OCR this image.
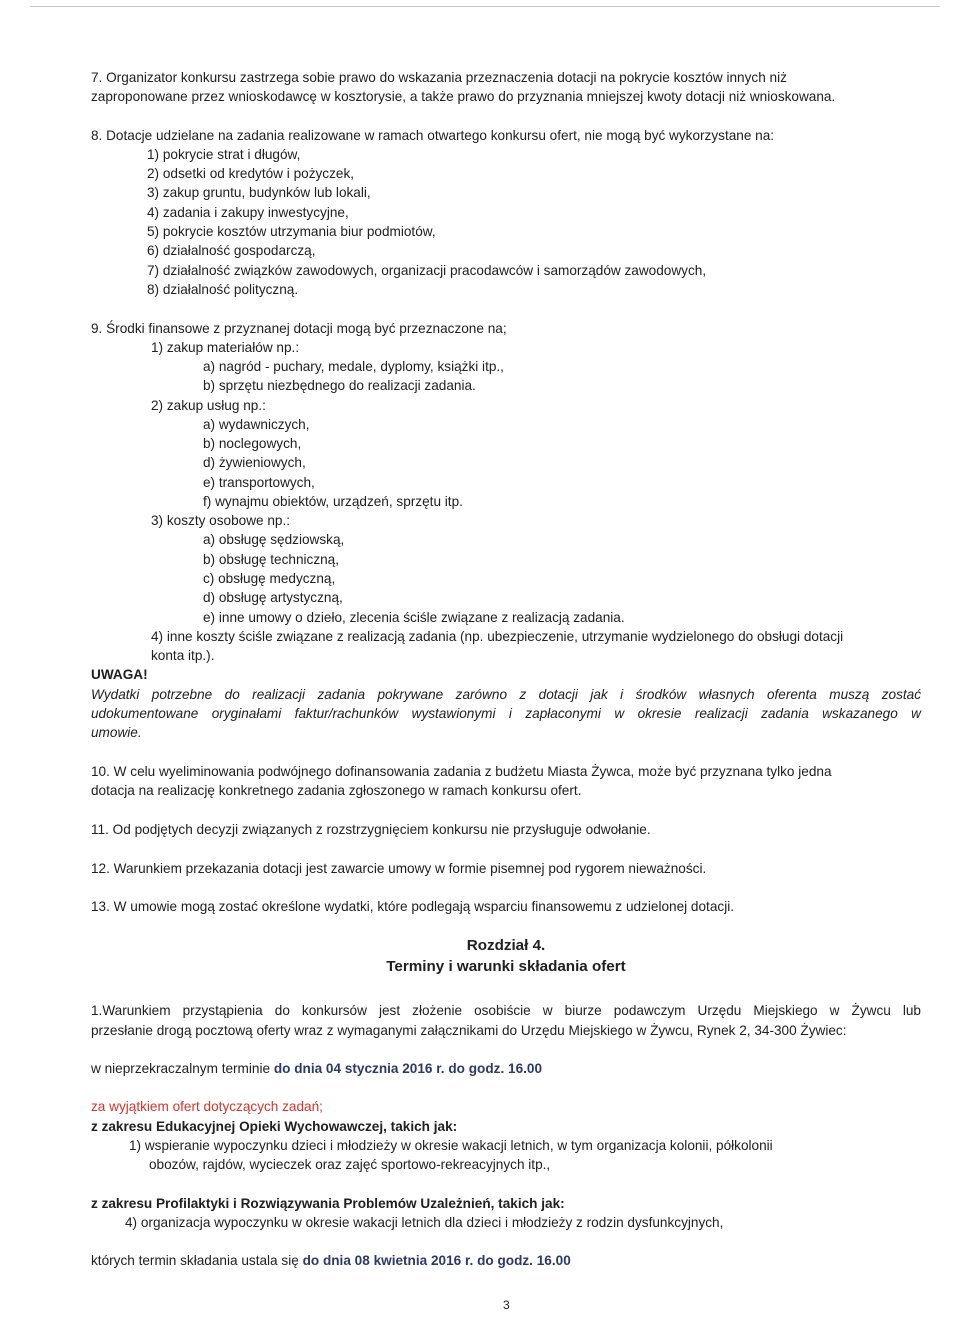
7. Organizator konkursu zastrzega sobie prawo do wskazania przeznaczenia dotacji na pokrycie kosztów innych niż
zaproponowane przez wnioskodawcę w kosztorysie, a także prawo do przyznania mniejszej kwoty dotacji niż wnioskowana.
8. Dotacje udzielane na zadania realizowane w ramach otwartego konkursu ofert, nie mogą być wykorzystane na:
1) pokrycie strat i długów,
2) odsetki od kredytów i pożyczek,
3) zakup gruntu, budynków lub lokali,
4) zadania i zakupy inwestycyjne,
5) pokrycie kosztów utrzymania biur podmiotów,
6) działalność gospodarczą,
7) działalność związków zawodowych, organizacji pracodawców i samorządów zawodowych,
8) działalność polityczną.
9. Środki finansowe z przyznanej dotacji mogą być przeznaczone na;
1) zakup materiałów np.:
a) nagród - puchary, medale, dyplomy, książki itp.,
b) sprzętu niezbędnego do realizacji zadania.
2) zakup usług np.:
a) wydawniczych,
b) noclegowych,
d) żywieniowych,
e) transportowych,
f) wynajmu obiektów, urządzeń, sprzętu itp.
3) koszty osobowe np.:
a) obsługę sędziowską,
b) obsługę techniczną,
c) obsługę medyczną,
d) obsługę artystyczną,
e) inne umowy o dzieło, zlecenia ściśle związane z realizacją zadania.
4) inne koszty ściśle związane z realizacją zadania (np. ubezpieczenie, utrzymanie wydzielonego do obsługi dotacji
konta itp.).
UWAGA!
Wydatki potrzebne do realizacji zadania pokrywane zarówno z dotacji jak i środków własnych oferenta muszą zostać
udokumentowane oryginałami faktur/rachunków wystawionymi i zapłaconymi w okresie realizacji zadania wskazanego w
umowie.
10. W celu wyeliminowania podwójnego dofinansowania zadania z budżetu Miasta Żywca, może być przyznana tylko jedna
dotacja na realizację konkretnego zadania zgłoszonego w ramach konkursu ofert.
11. Od podjętych decyzji związanych z rozstrzygnięciem konkursu nie przysługuje odwołanie.
12. Warunkiem przekazania dotacji jest zawarcie umowy w formie pisemnej pod rygorem nieważności.
13. W umowie mogą zostać określone wydatki, które podlegają wsparciu finansowemu z udzielonej dotacji.
Rozdział 4.
Terminy i warunki składania ofert
1.Warunkiem przystąpienia do konkursów jest złożenie osobiście w biurze podawczym Urzędu Miejskiego w Żywcu lub
przesłanie drogą pocztową oferty wraz z wymaganymi załącznikami do Urzędu Miejskiego w Żywcu, Rynek 2, 34-300 Żywiec:
w nieprzekraczalnym terminie do dnia 04 stycznia 2016 r. do godz. 16.00
za wyjątkiem ofert dotyczących zadań;
z zakresu Edukacyjnej Opieki Wychowawczej, takich jak:
1) wspieranie wypoczynku dzieci i młodzieży w okresie wakacji letnich, w tym organizacja kolonii, półkolonii
obozów, rajdów, wycieczek oraz zajęć sportowo-rekreacyjnych itp.,
z zakresu Profilaktyki i Rozwiązywania Problemów Uzależnień, takich jak:
4) organizacja wypoczynku w okresie wakacji letnich dla dzieci i młodzieży z rodzin dysfunkcyjnych,
których termin składania ustala się do dnia 08 kwietnia 2016 r. do godz. 16.00
3
